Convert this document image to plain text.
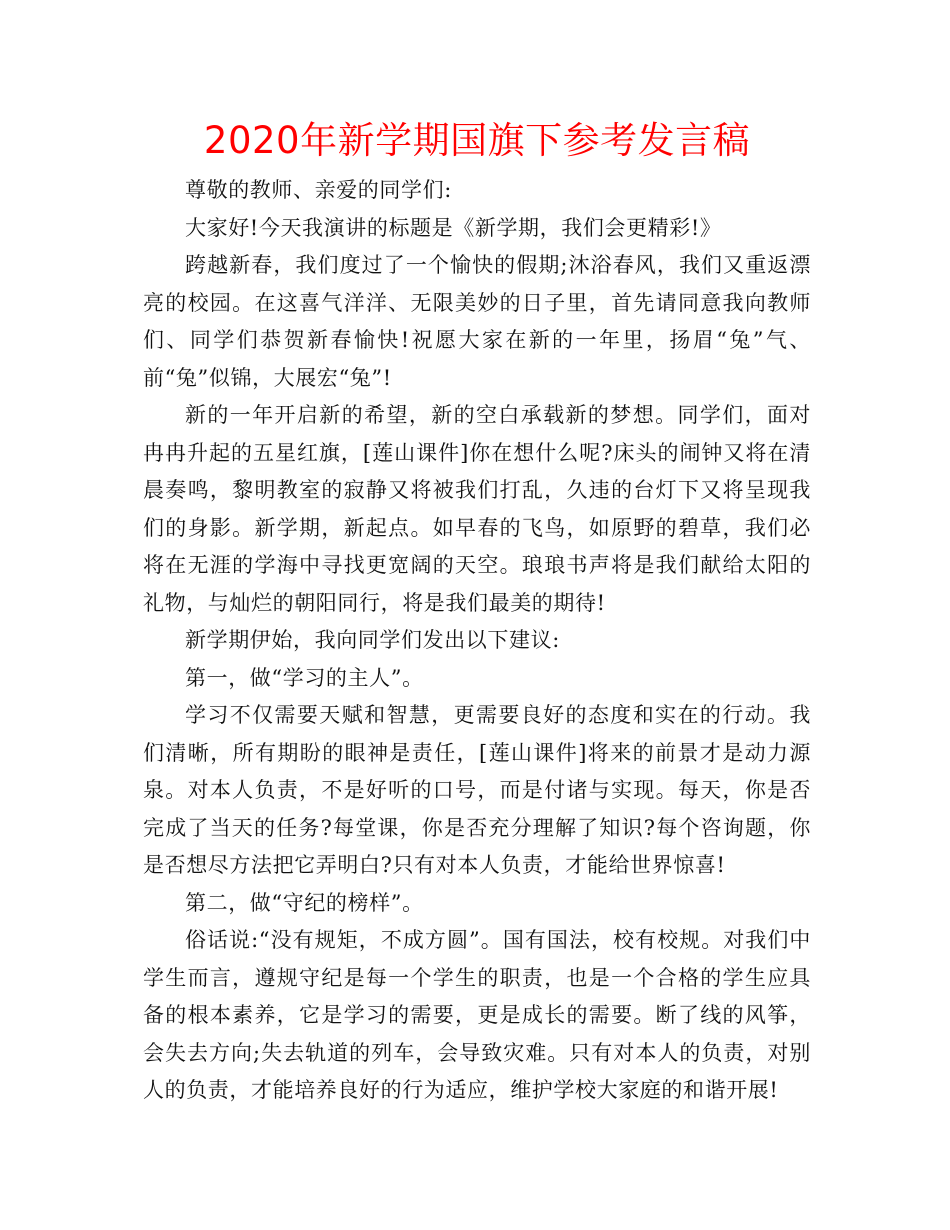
2020年新学期国旗下参考发言稿

尊敬的教师、亲爱的同学们:

大家好!今天我演讲的标题是《新学期，我们会更精彩!》

跨越新春，我们度过了一个愉快的假期;沐浴春风，我们又重返漂亮的校园。在这喜气洋洋、无限美妙的日子里，首先请同意我向教师们、同学们恭贺新春愉快!祝愿大家在新的一年里，扬眉“兔”气、前“兔”似锦，大展宏“兔”!

新的一年开启新的希望，新的空白承载新的梦想。同学们，面对冉冉升起的五星红旗，[莲山课件]你在想什么呢?床头的闹钟又将在清晨奏鸣，黎明教室的寂静又将被我们打乱，久违的台灯下又将呈现我们的身影。新学期，新起点。如早春的飞鸟，如原野的碧草，我们必将在无涯的学海中寻找更宽阔的天空。琅琅书声将是我们献给太阳的礼物，与灿烂的朝阳同行，将是我们最美的期待!

新学期伊始，我向同学们发出以下建议:

第一，做“学习的主人”。

学习不仅需要天赋和智慧，更需要良好的态度和实在的行动。我们清晰，所有期盼的眼神是责任，[莲山课件]将来的前景才是动力源泉。对本人负责，不是好听的口号，而是付诸与实现。每天，你是否完成了当天的任务?每堂课，你是否充分理解了知识?每个咨询题，你是否想尽方法把它弄明白?只有对本人负责，才能给世界惊喜!

第二，做“守纪的榜样”。

俗话说:“没有规矩，不成方圆”。国有国法，校有校规。对我们中学生而言，遵规守纪是每一个学生的职责，也是一个合格的学生应具备的根本素养，它是学习的需要，更是成长的需要。断了线的风筝，会失去方向;失去轨道的列车，会导致灾难。只有对本人的负责，对别人的负责，才能培养良好的行为适应，维护学校大家庭的和谐开展!
